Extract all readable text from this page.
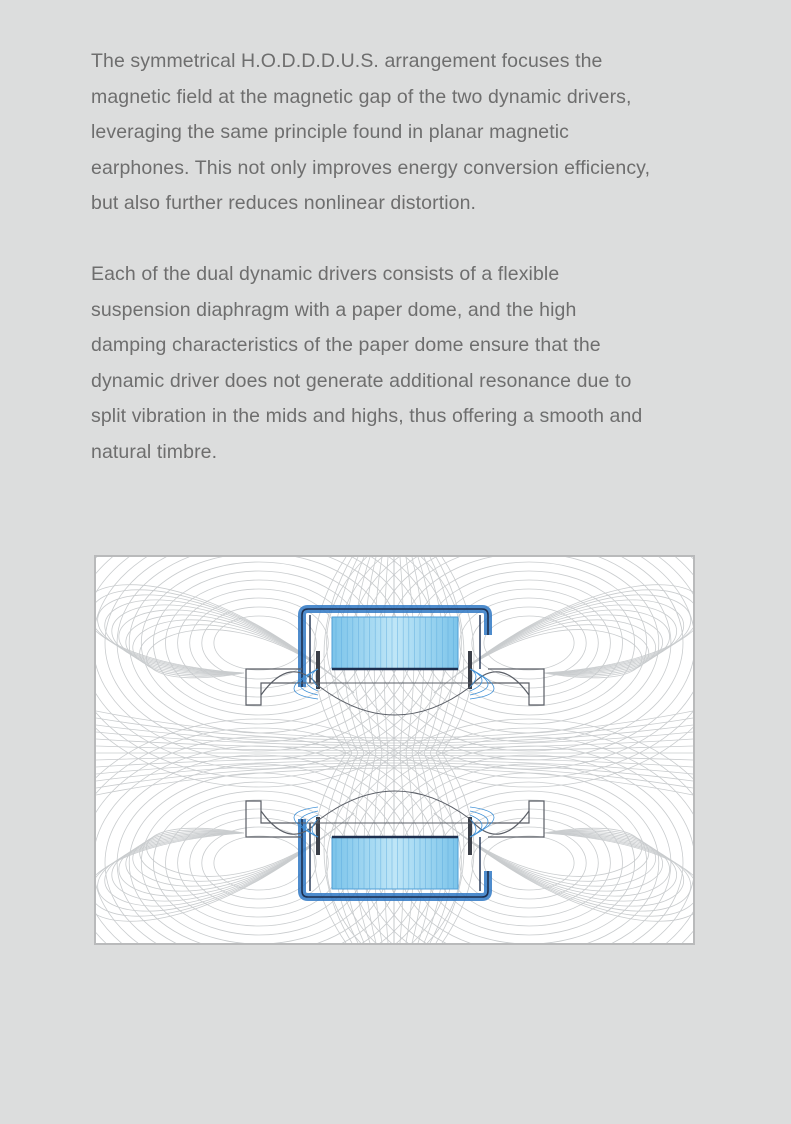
The symmetrical H.O.D.D.D.U.S. arrangement focuses the
magnetic field at the magnetic gap of the two dynamic drivers,
leveraging the same principle found in planar magnetic
earphones. This not only improves energy conversion efficiency,
but also further reduces nonlinear distortion.
Each of the dual dynamic drivers consists of a flexible
suspension diaphragm with a paper dome, and the high
damping characteristics of the paper dome ensure that the
dynamic driver does not generate additional resonance due to
split vibration in the mids and highs, thus offering a smooth and
natural timbre.
